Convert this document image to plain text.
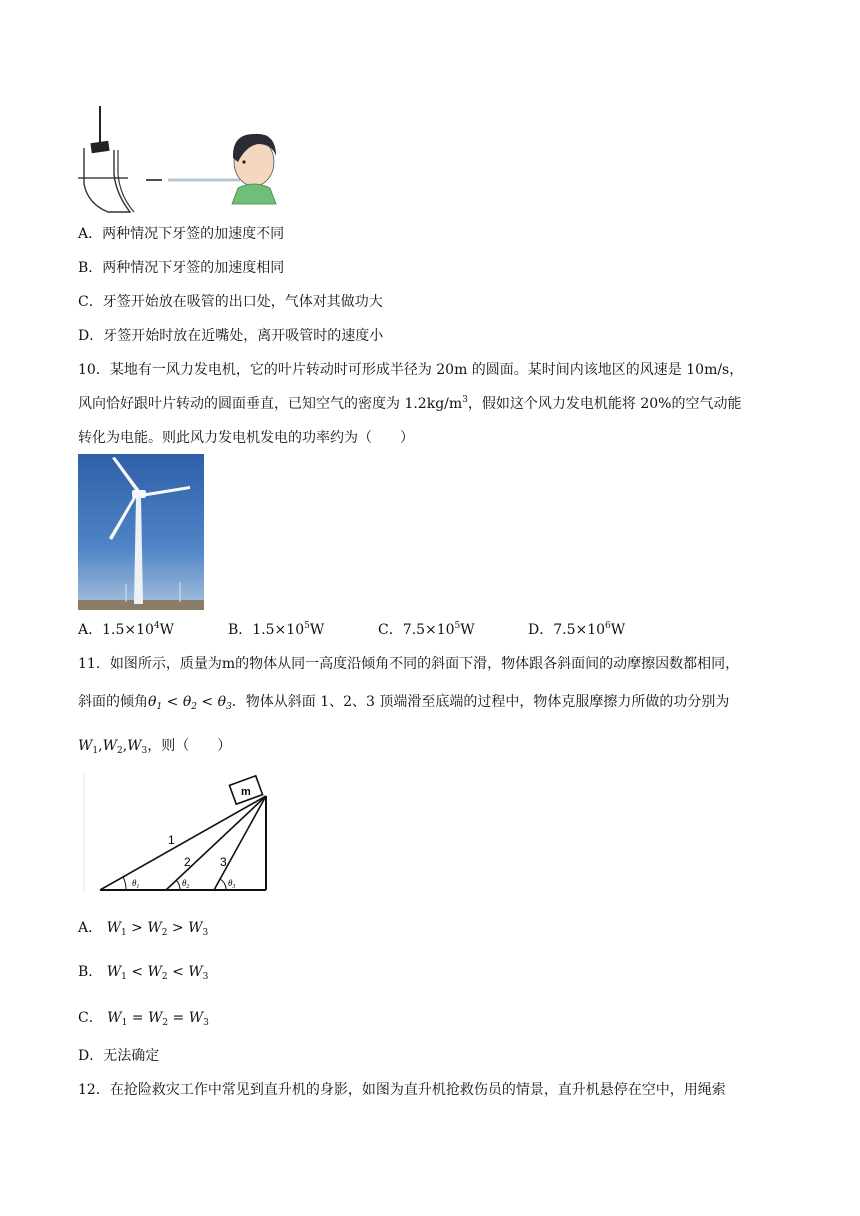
A．两种情况下牙签的加速度不同
B．两种情况下牙签的加速度相同
C．牙签开始放在吸管的出口处，气体对其做功大
D．牙签开始时放在近嘴处，离开吸管时的速度小
10．某地有一风力发电机，它的叶片转动时可形成半径为 20m 的圆面。某时间内该地区的风速是 10m/s，
风向恰好跟叶片转动的圆面垂直，已知空气的密度为 $1.2kg/m^3$，假如这个风力发电机能将 20%的空气动能
转化为电能。则此风力发电机发电的功率约为（　　）
A．$1.5\times 10^4W$	B．$1.5\times 10^5W$	C．$7.5\times 10^5W$	D．$7.5\times 10^6W$
11．如图所示，质量为m的物体从同一高度沿倾角不同的斜面下滑，物体跟各斜面间的动摩擦因数都相同，
斜面的倾角$\theta_1 < \theta_2 < \theta_3$．物体从斜面 1、2、3 顶端滑至底端的过程中，物体克服摩擦力所做的功分别为
$W_1,W_2,W_3$，则（　　）
m
1
2 3
$\theta_1$	$\theta_2$	$\theta_3$
A． $W_1 > W_2 > W_3$
B． $W_1 < W_2 < W_3$
C． $W_1 = W_2 = W_3$
D．无法确定
12．在抢险救灾工作中常见到直升机的身影，如图为直升机抢救伤员的情景，直升机悬停在空中，用绳索
